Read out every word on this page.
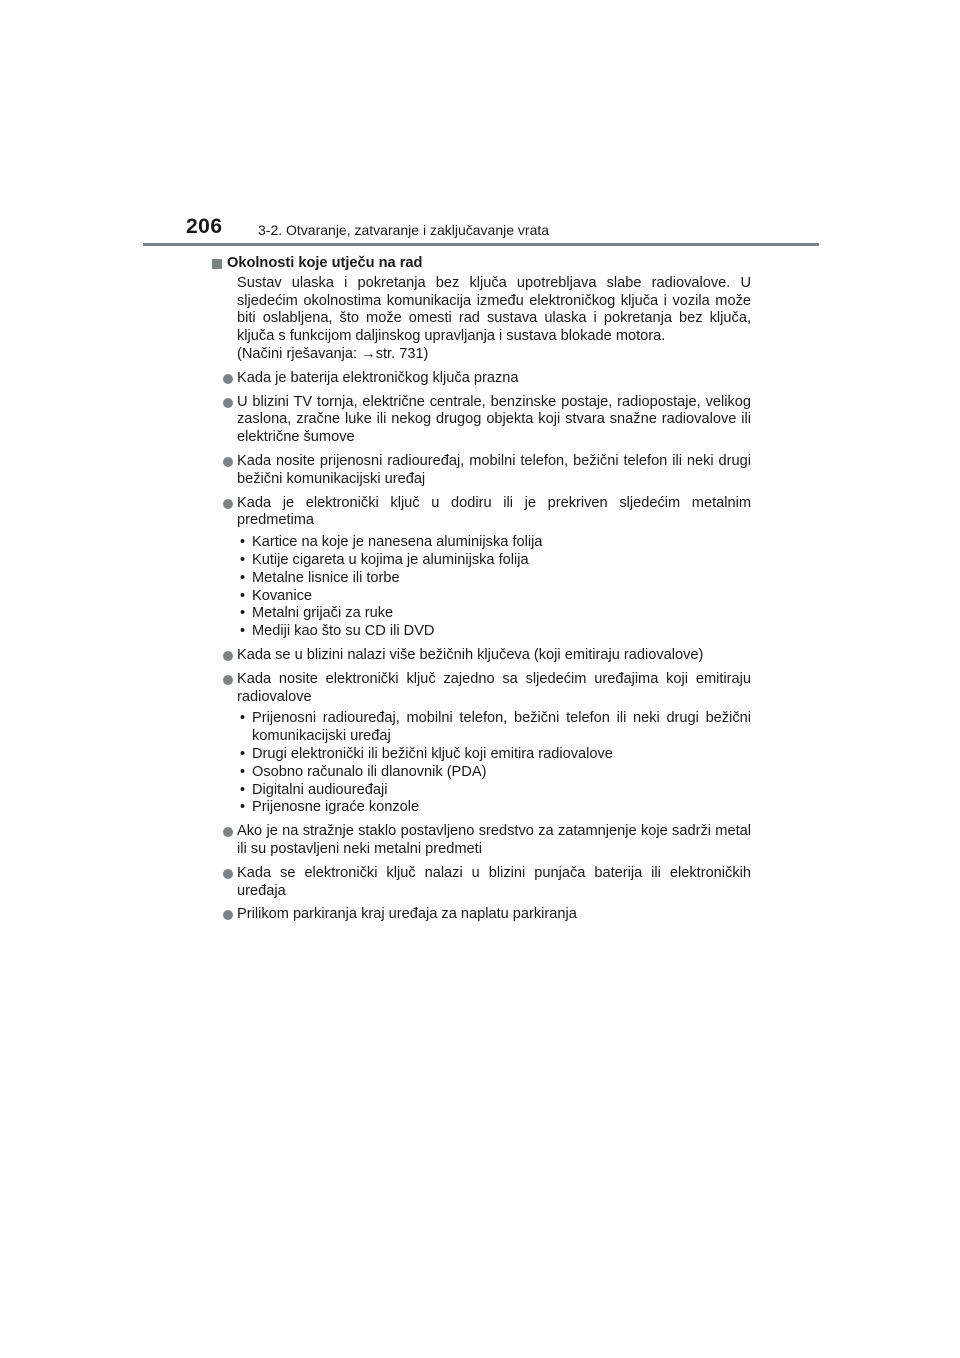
206	3-2. Otvaranje, zatvaranje i zaključavanje vrata
Okolnosti koje utječu na rad

Sustav ulaska i pokretanja bez ključa upotrebljava slabe radiovalove. U sljedećim okolnostima komunikacija između elektroničkog ključa i vozila može biti oslabljena, što može omesti rad sustava ulaska i pokretanja bez ključa, ključa s funkcijom daljinskog upravljanja i sustava blokade motora.

(Načini rješavanja: →str. 731)

Kada je baterija elektroničkog ključa prazna

U blizini TV tornja, električne centrale, benzinske postaje, radiopostaje, velikog zaslona, zračne luke ili nekog drugog objekta koji stvara snažne radiovalove ili električne šumove

Kada nosite prijenosni radiouređaj, mobilni telefon, bežični telefon ili neki drugi bežični komunikacijski uređaj

Kada je elektronički ključ u dodiru ili je prekriven sljedećim metalnim predmetima

• Kartice na koje je nanesena aluminijska folija
• Kutije cigareta u kojima je aluminijska folija
• Metalne lisnice ili torbe
• Kovanice
• Metalni grijači za ruke
• Mediji kao što su CD ili DVD

Kada se u blizini nalazi više bežičnih ključeva (koji emitiraju radiovalove)

Kada nosite elektronički ključ zajedno sa sljedećim uređajima koji emitiraju radiovalove

• Prijenosni radiouređaj, mobilni telefon, bežični telefon ili neki drugi bežični komunikacijski uređaj
• Drugi elektronički ili bežični ključ koji emitira radiovalove
• Osobno računalo ili dlanovnik (PDA)
• Digitalni audiouređaji
• Prijenosne igraće konzole

Ako je na stražnje staklo postavljeno sredstvo za zatamnjenje koje sadrži metal ili su postavljeni neki metalni predmeti

Kada se elektronički ključ nalazi u blizini punjača baterija ili elektroničkih uređaja

Prilikom parkiranja kraj uređaja za naplatu parkiranja
